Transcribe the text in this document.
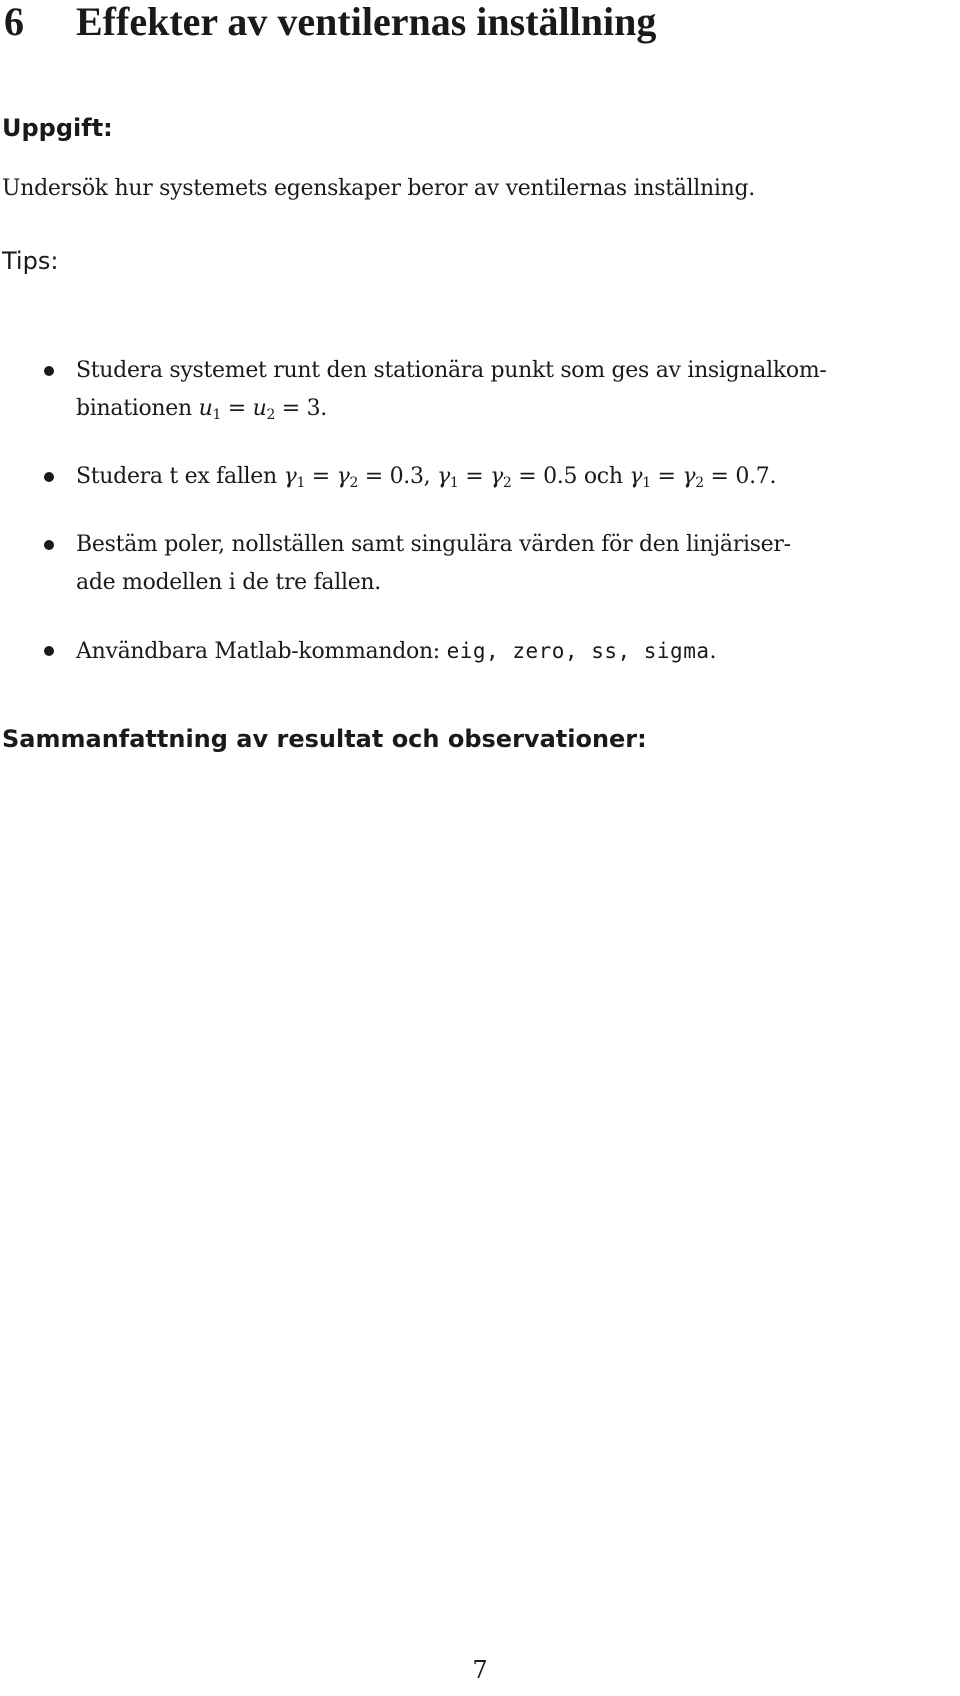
6 Effekter av ventilernas inställning

Uppgift:

Undersök hur systemets egenskaper beror av ventilernas inställning.

Tips:

Studera systemet runt den stationära punkt som ges av insignalkom-
binationen $u_1 = u_2 = 3$.
Studera t ex fallen $\gamma_1 = \gamma_2 = 0.3$, $\gamma_1 = \gamma_2 = 0.5$ och $\gamma_1 = \gamma_2 = 0.7$.
Bestäm poler, nollställen samt singulära värden för den linjäriser-
ade modellen i de tre fallen.
Användbara Matlab-kommandon: eig, zero, ss, sigma.

Sammanfattning av resultat och observationer:

7
